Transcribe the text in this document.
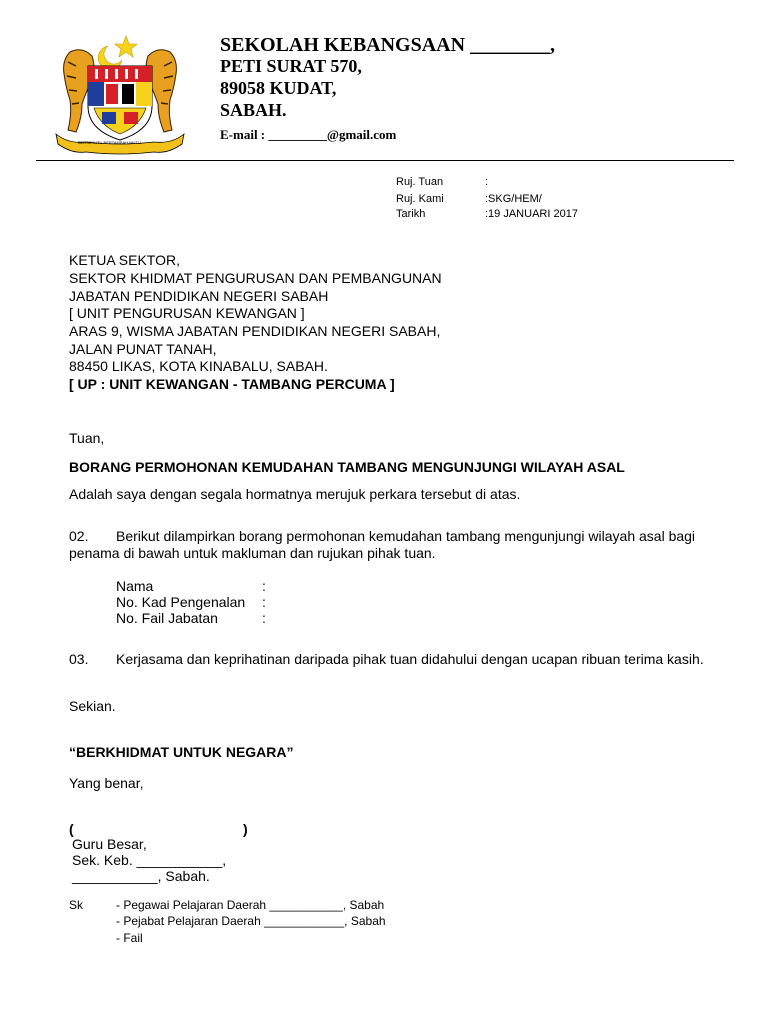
BERSEKUTU BERTAMBAH MUTU
SEKOLAH KEBANGSAAN ________,
PETI SURAT 570,
89058 KUDAT,
SABAH.
E-mail : _________@gmail.com
Ruj. Tuan	:
Ruj. Kami	:SKG/HEM/
Tarikh	:19 JANUARI 2017
KETUA SEKTOR,
SEKTOR KHIDMAT PENGURUSAN DAN PEMBANGUNAN
JABATAN PENDIDIKAN NEGERI SABAH
[ UNIT PENGURUSAN KEWANGAN ]
ARAS 9, WISMA JABATAN PENDIDIKAN NEGERI SABAH,
JALAN PUNAT TANAH,
88450 LIKAS, KOTA KINABALU, SABAH.
[ UP : UNIT KEWANGAN - TAMBANG PERCUMA ]
Tuan,
BORANG PERMOHONAN KEMUDAHAN TAMBANG MENGUNJUNGI WILAYAH ASAL
Adalah saya dengan segala hormatnya merujuk perkara tersebut di atas.
02. Berikut dilampirkan borang permohonan kemudahan tambang mengunjungi wilayah asal bagi
penama di bawah untuk makluman dan rujukan pihak tuan.
Nama	:
No. Kad Pengenalan :
No. Fail Jabatan	:
03. Kerjasama dan keprihatinan daripada pihak tuan didahului dengan ucapan ribuan terima kasih.
Sekian.
“BERKHIDMAT UNTUK NEGARA”
Yang benar,
(	)
Guru Besar,
Sek. Keb. ___________,
___________, Sabah.
Sk	- Pegawai Pelajaran Daerah ___________, Sabah
- Pejabat Pelajaran Daerah ____________, Sabah
- Fail
